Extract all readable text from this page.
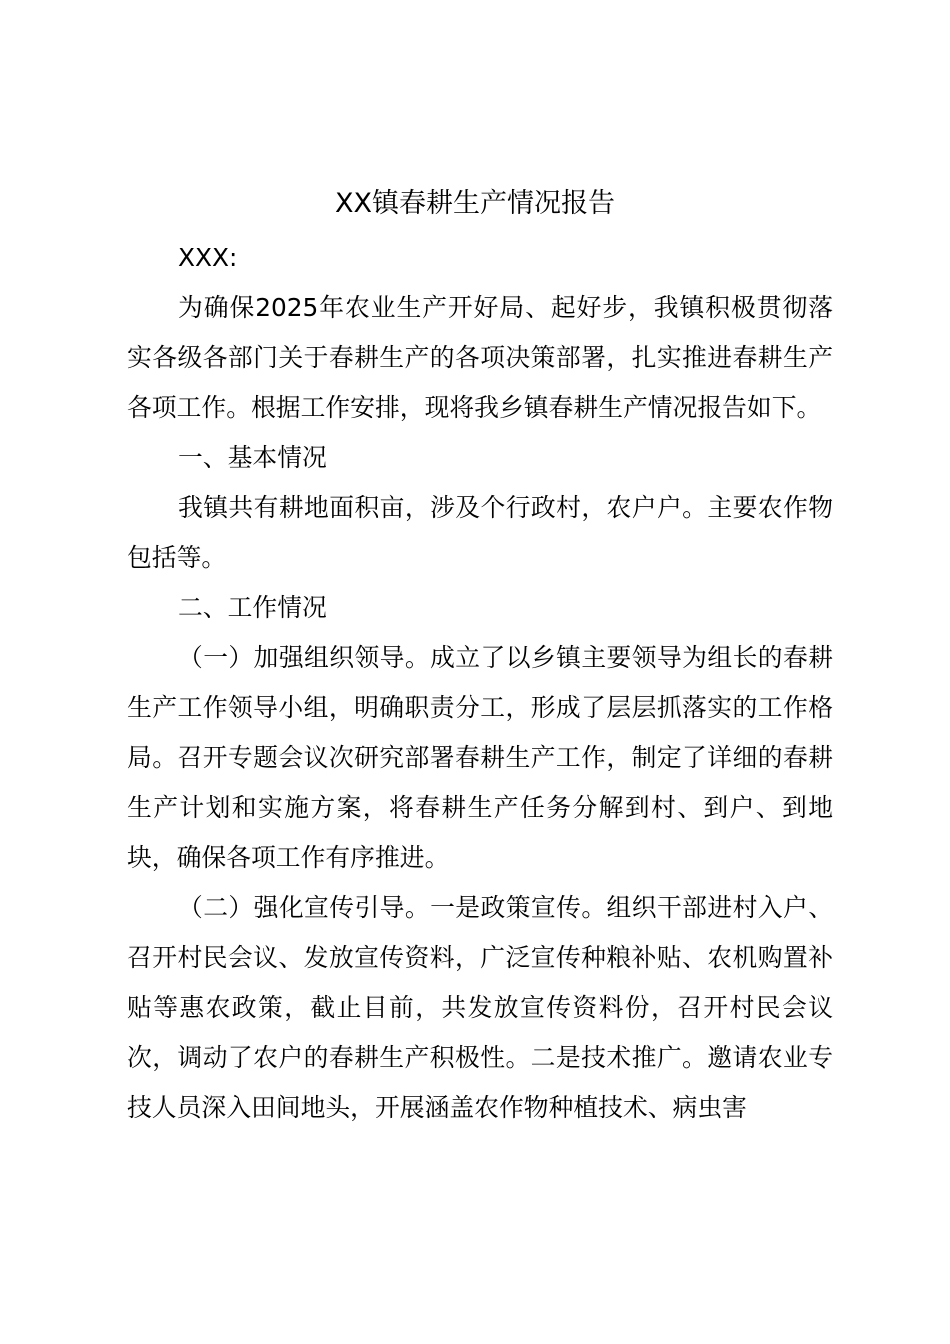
XX镇春耕生产情况报告

XXX:

为确保2025年农业生产开好局、起好步，我镇积极贯彻落实各级各部门关于春耕生产的各项决策部署，扎实推进春耕生产各项工作。根据工作安排，现将我乡镇春耕生产情况报告如下。

一、基本情况

我镇共有耕地面积亩，涉及个行政村，农户户。主要农作物包括等。

二、工作情况

（一）加强组织领导。成立了以乡镇主要领导为组长的春耕生产工作领导小组，明确职责分工，形成了层层抓落实的工作格局。召开专题会议次研究部署春耕生产工作，制定了详细的春耕生产计划和实施方案，将春耕生产任务分解到村、到户、到地块，确保各项工作有序推进。

（二）强化宣传引导。一是政策宣传。组织干部进村入户、召开村民会议、发放宣传资料，广泛宣传种粮补贴、农机购置补贴等惠农政策，截止目前，共发放宣传资料份，召开村民会议次，调动了农户的春耕生产积极性。二是技术推广。邀请农业专技人员深入田间地头，开展涵盖农作物种植技术、病虫害
